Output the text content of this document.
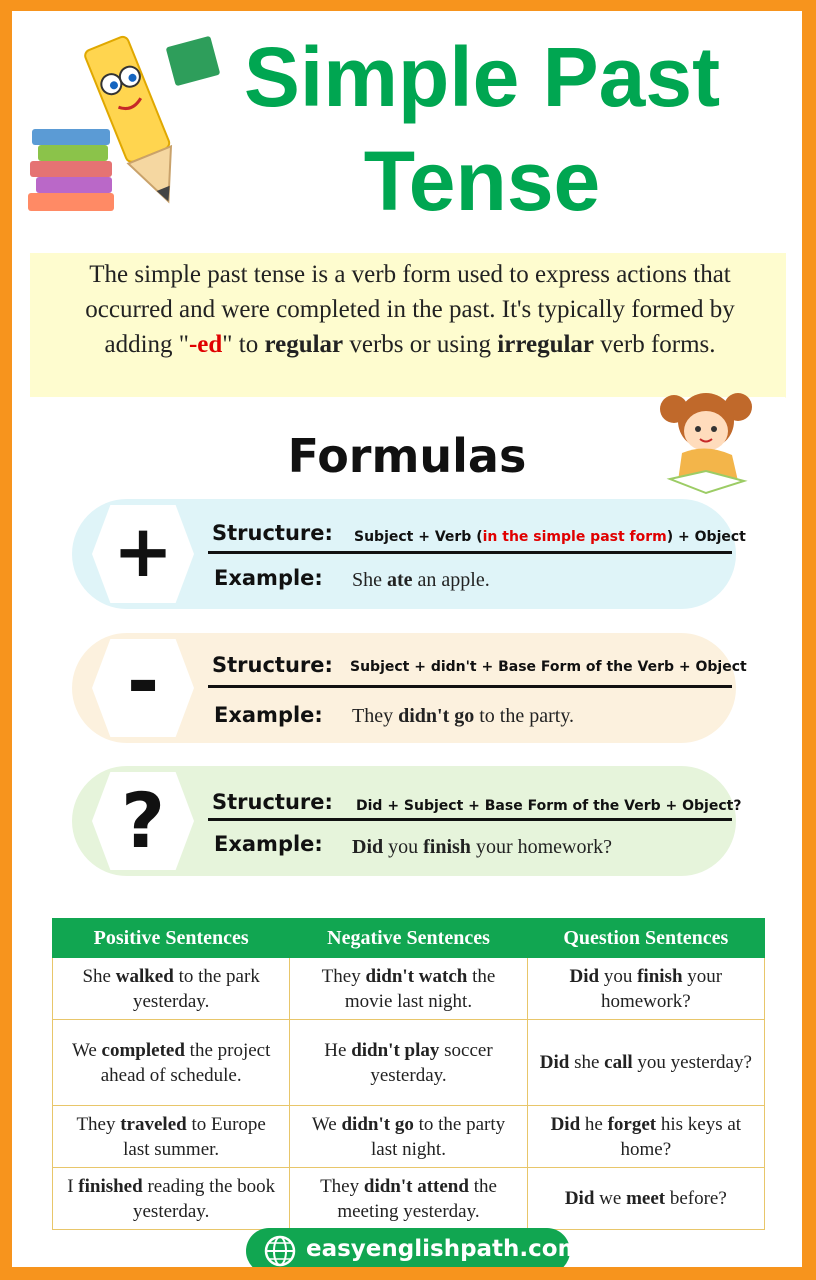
Simple Past
Tense
The simple past tense is a verb form used to express actions that occurred and were completed in the past. It's typically formed by adding "-ed" to regular verbs or using irregular verb forms.
Formulas
+	Structure: Subject + Verb (in the simple past form) + Object
Example: She ate an apple.
-	Structure: Subject + didn't + Base Form of the Verb + Object
Example: They didn't go to the party.
?	Structure: Did + Subject + Base Form of the Verb + Object?
Example: Did you finish your homework?
Positive Sentences	Negative Sentences	Question Sentences
She walked to the park yesterday.	They didn't watch the movie last night.	Did you finish your homework?
We completed the project ahead of schedule.	He didn't play soccer yesterday.	Did she call you yesterday?
They traveled to Europe last summer.	We didn't go to the party last night.	Did he forget his keys at home?
I finished reading the book yesterday.	They didn't attend the meeting yesterday.	Did we meet before?
easyenglishpath.com
